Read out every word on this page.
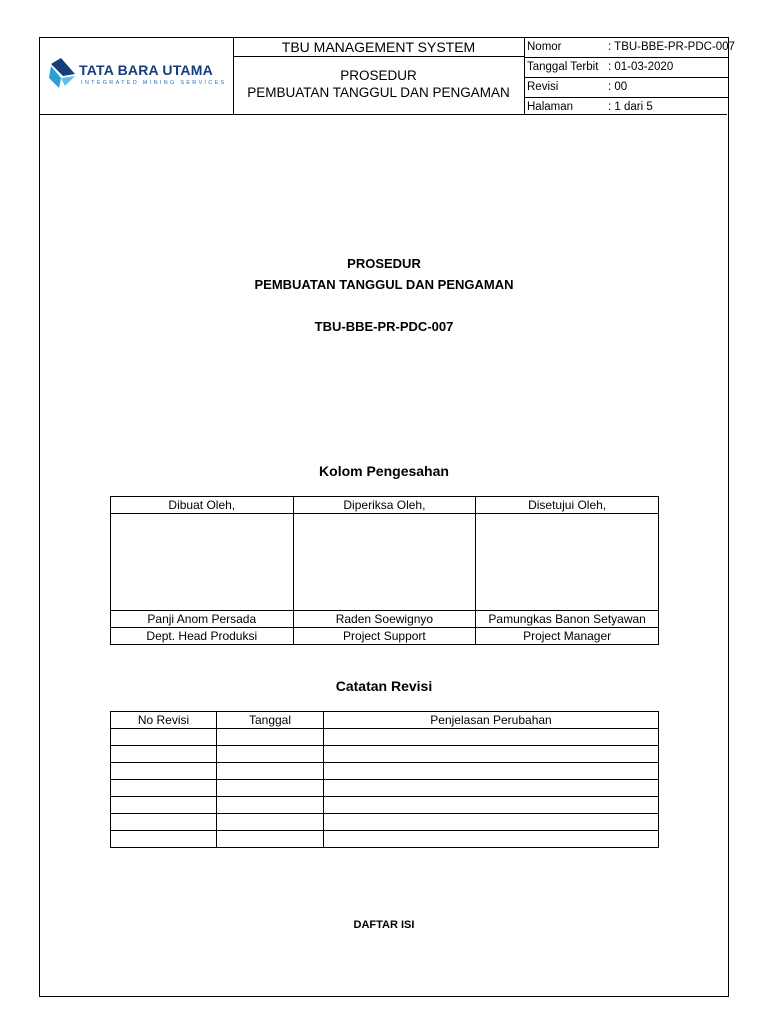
TATA BARA UTAMA
INTEGRATED MINING SERVICES
TBU MANAGEMENT SYSTEM
PROSEDUR
PEMBUATAN TANGGUL DAN PENGAMAN
Nomor	: TBU-BBE-PR-PDC-007
Tanggal Terbit : 01-03-2020
Revisi	: 00
Halaman	: 1 dari 5
PROSEDUR
PEMBUATAN TANGGUL DAN PENGAMAN
TBU-BBE-PR-PDC-007
Kolom Pengesahan
Dibuat Oleh,	Diperiksa Oleh,	Disetujui Oleh,

Panji Anom Persada	Raden Soewignyo	Pamungkas Banon Setyawan
Dept. Head Produksi	Project Support	Project Manager
Catatan Revisi
No Revisi	Tanggal	Penjelasan Perubahan

DAFTAR ISI
